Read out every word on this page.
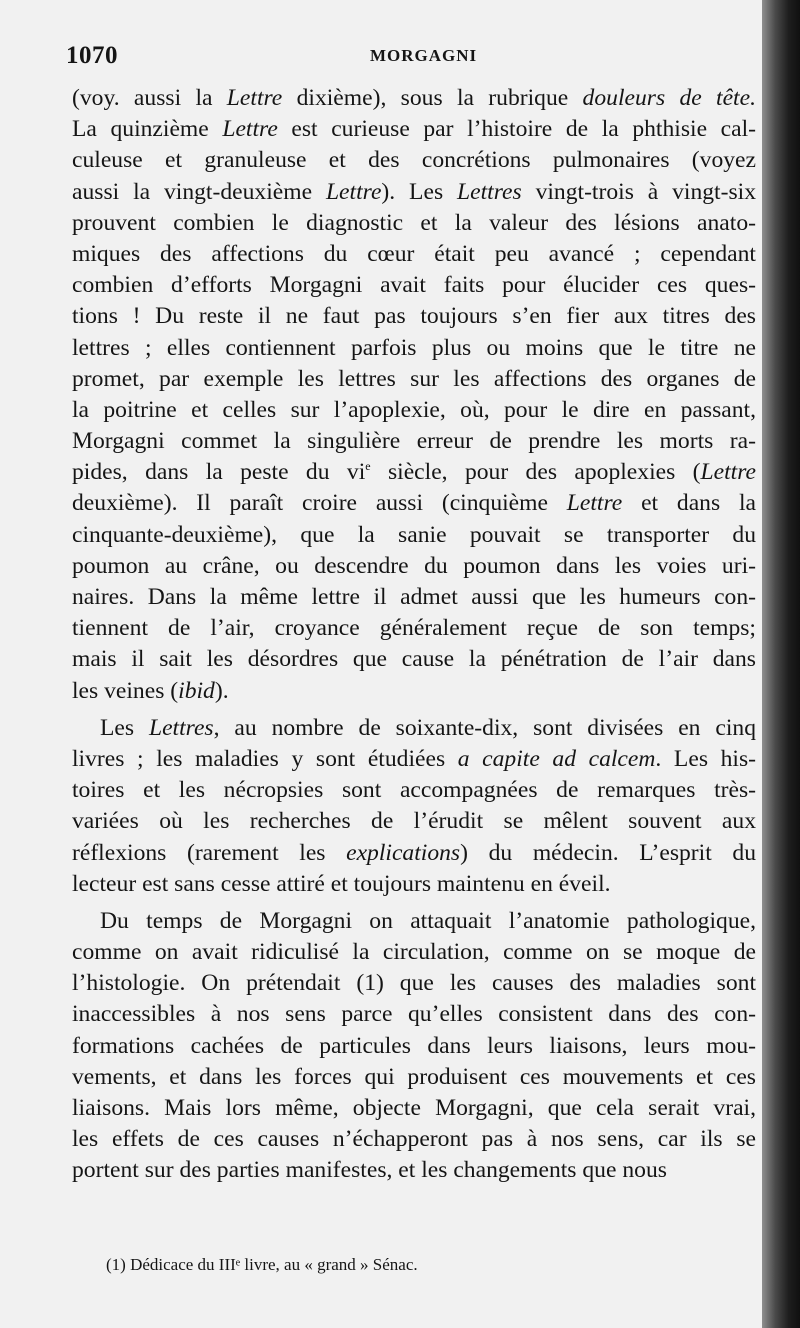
1070	MORGAGNI
(voy. aussi la Lettre dixième), sous la rubrique douleurs de tête.
La quinzième Lettre est curieuse par l’histoire de la phthisie cal-
culeuse et granuleuse et des concrétions pulmonaires (voyez
aussi la vingt-deuxième Lettre). Les Lettres vingt-trois à vingt-six
prouvent combien le diagnostic et la valeur des lésions anato-
miques des affections du cœur était peu avancé ; cependant
combien d’efforts Morgagni avait faits pour élucider ces ques-
tions ! Du reste il ne faut pas toujours s’en fier aux titres des
lettres ; elles contiennent parfois plus ou moins que le titre ne
promet, par exemple les lettres sur les affections des organes de
la poitrine et celles sur l’apoplexie, où, pour le dire en passant,
Morgagni commet la singulière erreur de prendre les morts ra-
pides, dans la peste du $vi^e$ siècle, pour des apoplexies (Lettre
deuxième). Il paraît croire aussi (cinquième Lettre et dans la
cinquante-deuxième), que la sanie pouvait se transporter du
poumon au crâne, ou descendre du poumon dans les voies uri-
naires. Dans la même lettre il admet aussi que les humeurs con-
tiennent de l’air, croyance généralement reçue de son temps;
mais il sait les désordres que cause la pénétration de l’air dans
les veines (ibid).
Les Lettres, au nombre de soixante-dix, sont divisées en cinq
livres ; les maladies y sont étudiées a capite ad calcem. Les his-
toires et les nécropsies sont accompagnées de remarques très-
variées où les recherches de l’érudit se mêlent souvent aux
réflexions (rarement les explications) du médecin. L’esprit du
lecteur est sans cesse attiré et toujours maintenu en éveil.
Du temps de Morgagni on attaquait l’anatomie pathologique,
comme on avait ridiculisé la circulation, comme on se moque de
l’histologie. On prétendait (1) que les causes des maladies sont
inaccessibles à nos sens parce qu’elles consistent dans des con-
formations cachées de particules dans leurs liaisons, leurs mou-
vements, et dans les forces qui produisent ces mouvements et ces
liaisons. Mais lors même, objecte Morgagni, que cela serait vrai,
les effets de ces causes n’échapperont pas à nos sens, car ils se
portent sur des parties manifestes, et les changements que nous
(1) Dédicace du IIIᵉ livre, au « grand » Sénac.
